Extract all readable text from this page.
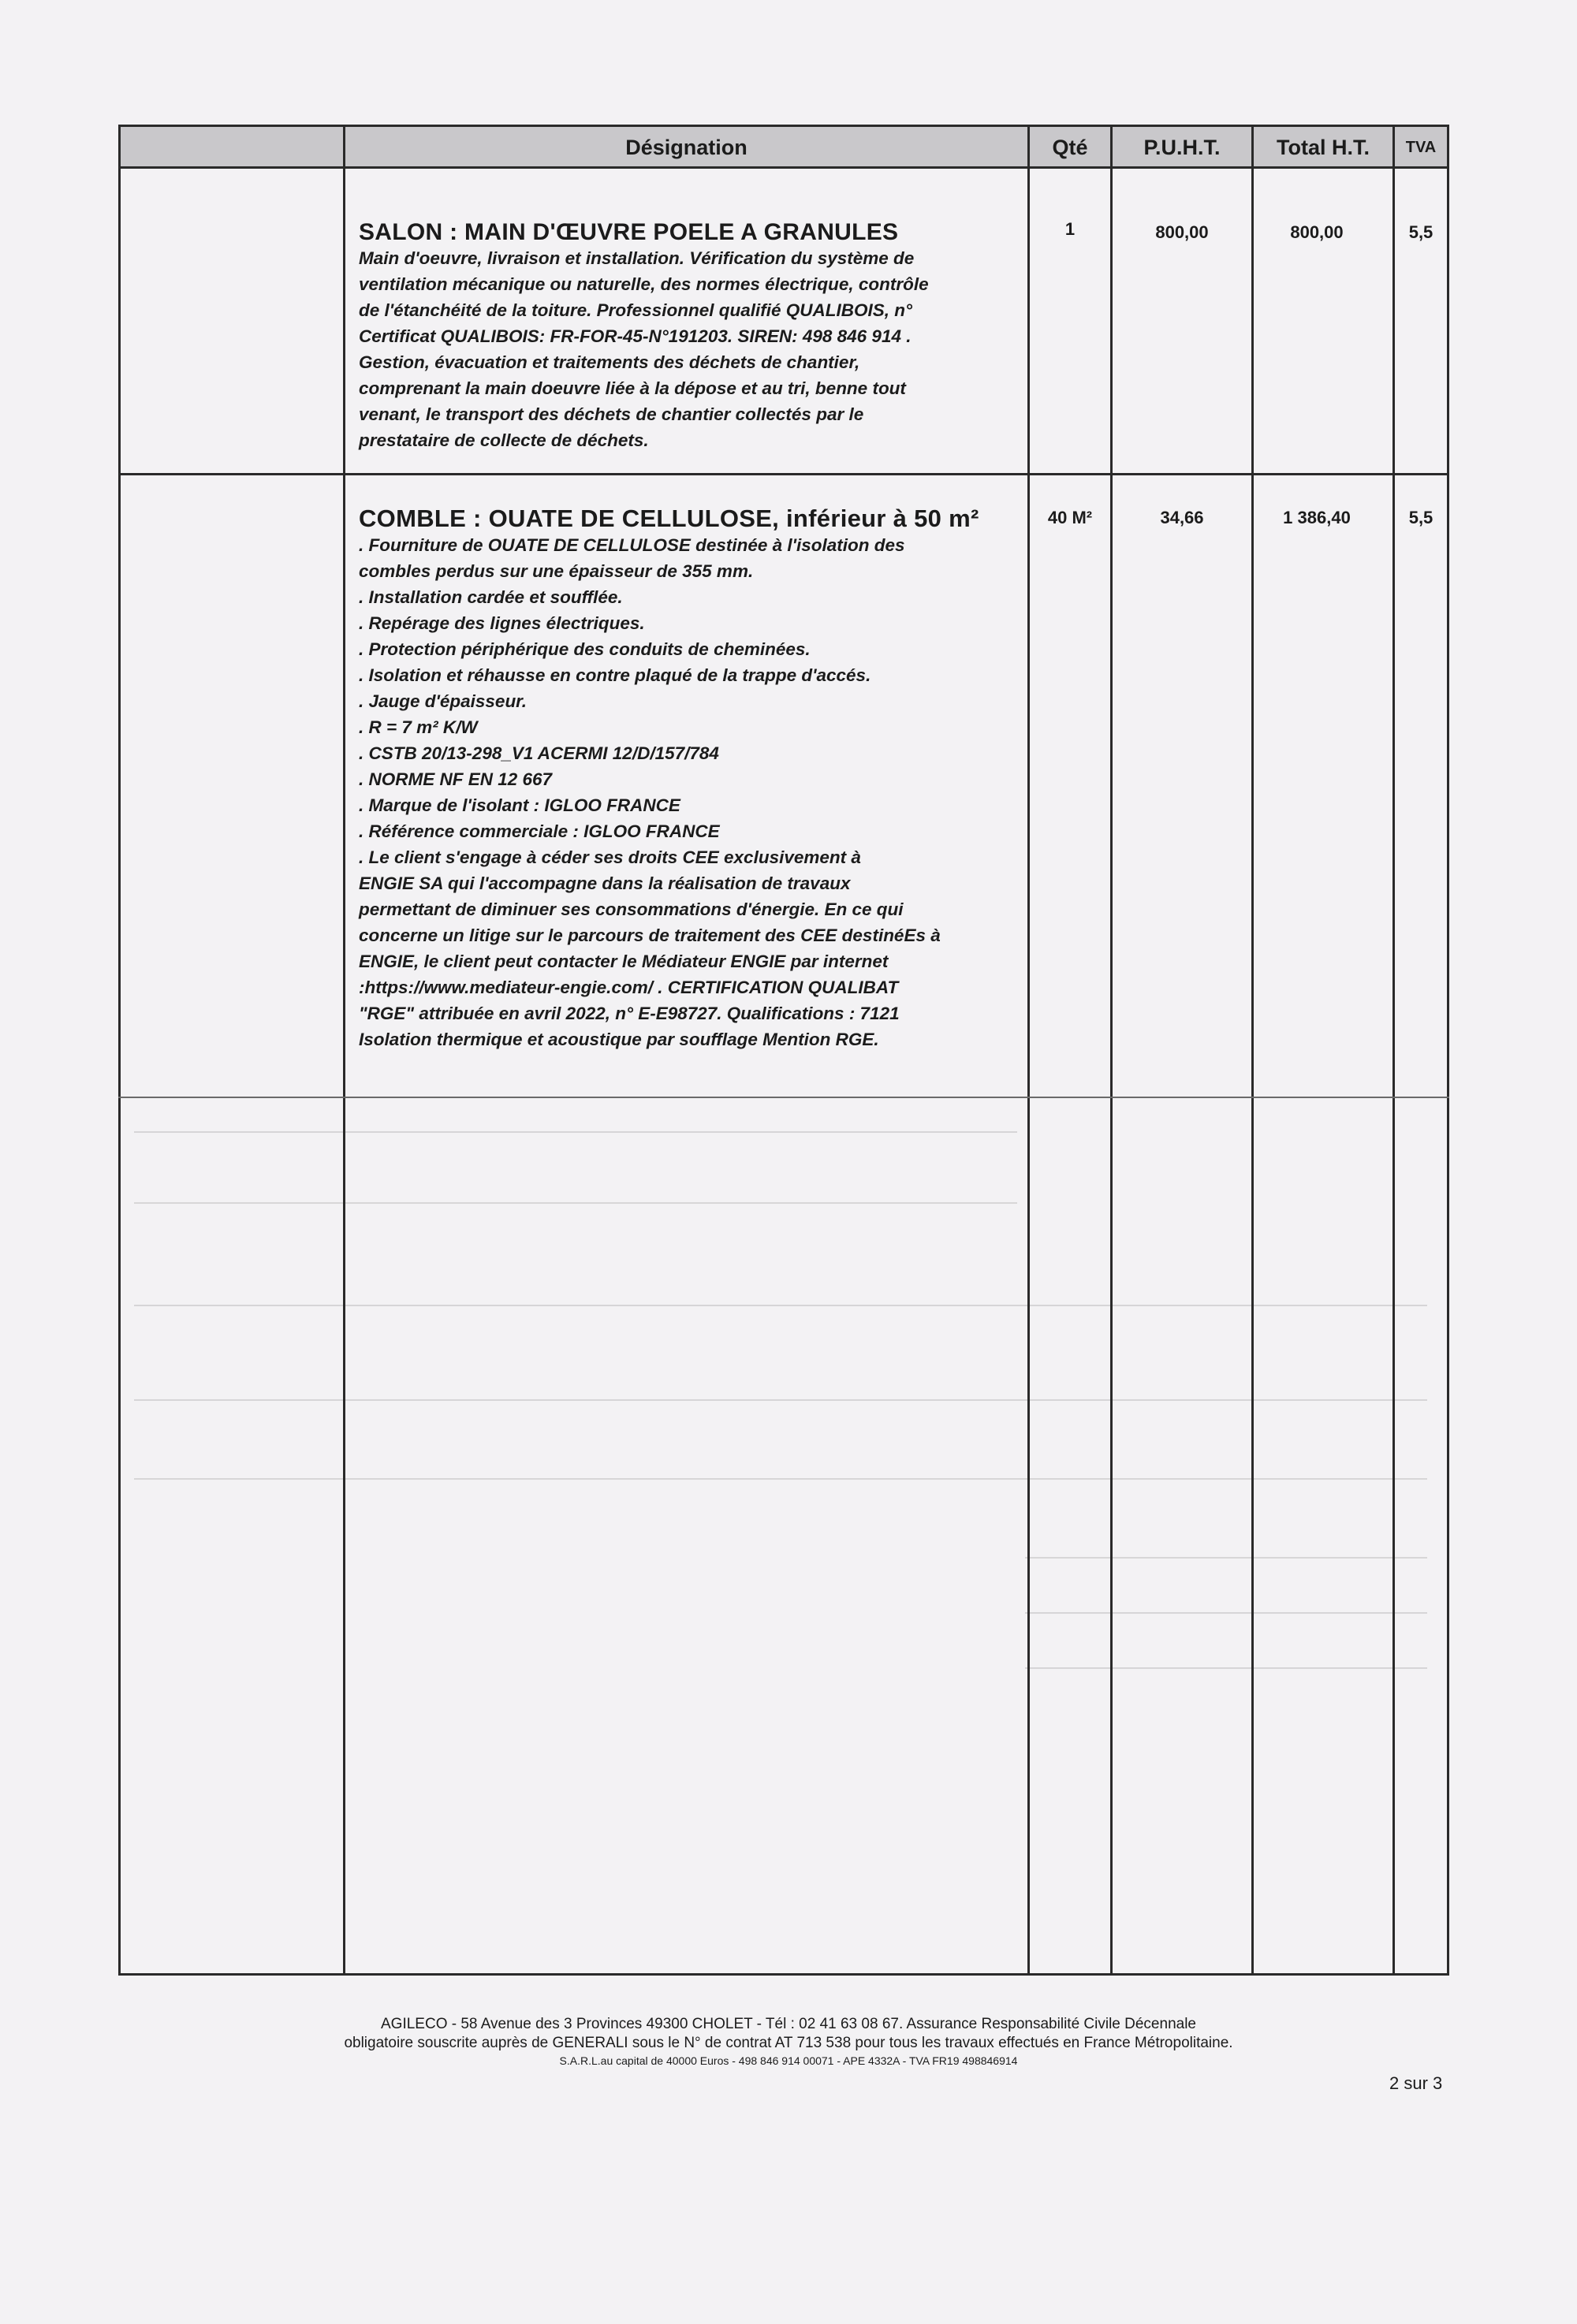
Désignation	Qté	P.U.H.T.	Total H.T.	TVA
SALON : MAIN D'ŒUVRE POELE A GRANULES
Main d'oeuvre, livraison et installation. Vérification du système de
ventilation mécanique ou naturelle, des normes électrique, contrôle
de l'étanchéité de la toiture. Professionnel qualifié QUALIBOIS, n°
Certificat QUALIBOIS: FR-FOR-45-N°191203. SIREN: 498 846 914 .
Gestion, évacuation et traitements des déchets de chantier,
comprenant la main doeuvre liée à la dépose et au tri, benne tout
venant, le transport des déchets de chantier collectés par le
prestataire de collecte de déchets.
1	800,00	800,00	5,5
COMBLE : OUATE DE CELLULOSE, inférieur à 50 m²
. Fourniture de OUATE DE CELLULOSE destinée à l'isolation des
combles perdus sur une épaisseur de 355 mm.
. Installation cardée et soufflée.
. Repérage des lignes électriques.
. Protection périphérique des conduits de cheminées.
. Isolation et réhausse en contre plaqué de la trappe d'accés.
. Jauge d'épaisseur.
. R = 7 m² K/W
. CSTB 20/13-298_V1 ACERMI 12/D/157/784
. NORME NF EN 12 667
. Marque de l'isolant : IGLOO FRANCE
. Référence commerciale : IGLOO FRANCE
. Le client s'engage à céder ses droits CEE exclusivement à
ENGIE SA qui l'accompagne dans la réalisation de travaux
permettant de diminuer ses consommations d'énergie. En ce qui
concerne un litige sur le parcours de traitement des CEE destinéEs à
ENGIE, le client peut contacter le Médiateur ENGIE par internet
:https://www.mediateur-engie.com/ . CERTIFICATION QUALIBAT
"RGE" attribuée en avril 2022, n° E-E98727. Qualifications : 7121
Isolation thermique et acoustique par soufflage Mention RGE.
40 M²	34,66	1 386,40	5,5
AGILECO - 58 Avenue des 3 Provinces 49300 CHOLET - Tél : 02 41 63 08 67. Assurance Responsabilité Civile Décennale
obligatoire souscrite auprès de GENERALI sous le N° de contrat AT 713 538 pour tous les travaux effectués en France Métropolitaine.
S.A.R.L.au capital de 40000 Euros - 498 846 914 00071 - APE 4332A - TVA FR19 498846914
2 sur 3
